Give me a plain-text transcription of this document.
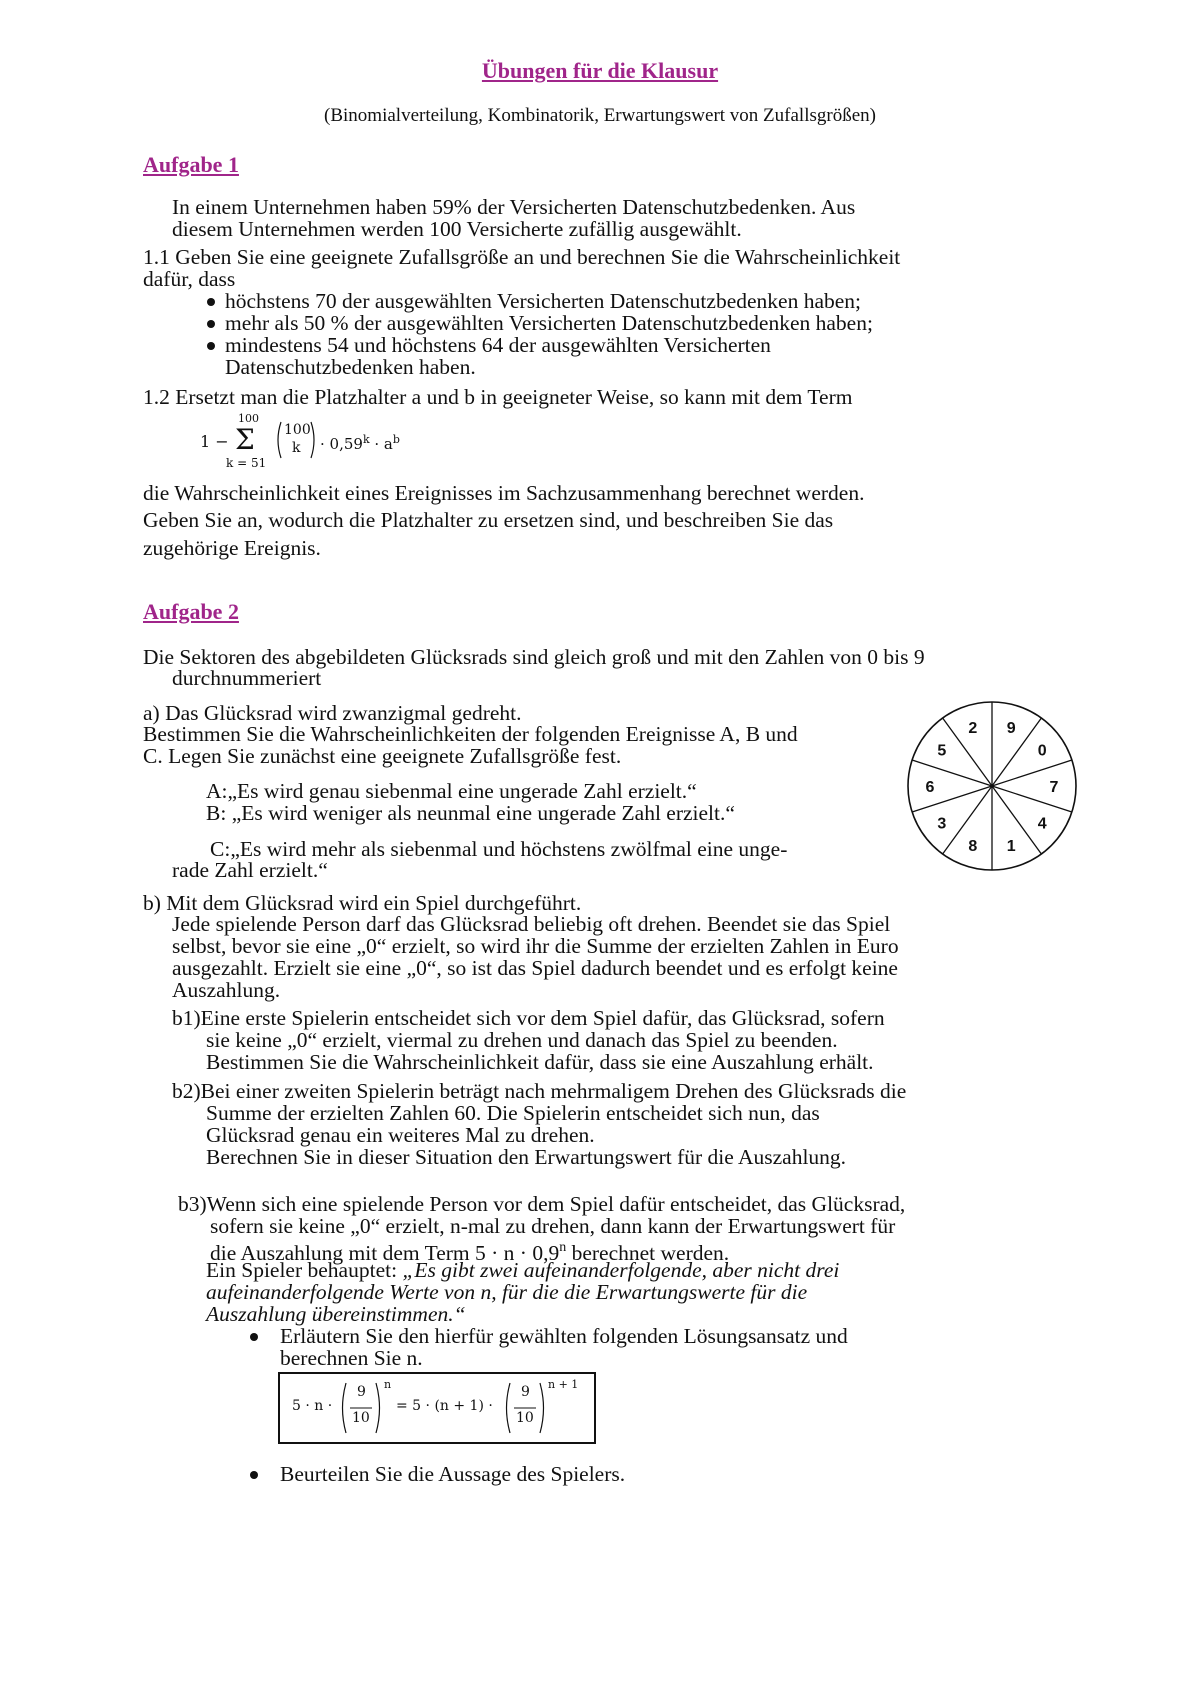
Übungen für die Klausur
(Binomialverteilung, Kombinatorik, Erwartungswert von Zufallsgrößen)
Aufgabe 1
In einem Unternehmen haben 59% der Versicherten Datenschutzbedenken. Aus
diesem Unternehmen werden 100 Versicherte zufällig ausgewählt.
1.1 Geben Sie eine geeignete Zufallsgröße an und berechnen Sie die Wahrscheinlichkeit
dafür, dass
höchstens 70 der ausgewählten Versicherten Datenschutzbedenken haben;
mehr als 50 % der ausgewählten Versicherten Datenschutzbedenken haben;
mindestens 54 und höchstens 64 der ausgewählten Versicherten
Datenschutzbedenken haben.
1.2 Ersetzt man die Platzhalter a und b in geeigneter Weise, so kann mit dem Term
1 −
100
Σ
k = 51
100
$k \cdot 0,59^k \cdot a^b$
die Wahrscheinlichkeit eines Ereignisses im Sachzusammenhang berechnet werden.
Geben Sie an, wodurch die Platzhalter zu ersetzen sind, und beschreiben Sie das
zugehörige Ereignis.
Aufgabe 2
Die Sektoren des abgebildeten Glücksrads sind gleich groß und mit den Zahlen von 0 bis 9
durchnummeriert
a) Das Glücksrad wird zwanzigmal gedreht.
Bestimmen Sie die Wahrscheinlichkeiten der folgenden Ereignisse A, B und
C. Legen Sie zunächst eine geeignete Zufallsgröße fest.
A:„Es wird genau siebenmal eine ungerade Zahl erzielt.“
B: „Es wird weniger als neunmal eine ungerade Zahl erzielt.“
C:„Es wird mehr als siebenmal und höchstens zwölfmal eine unge-
rade Zahl erzielt.“
9
0
7
4
1
8
3
6
5
2
b) Mit dem Glücksrad wird ein Spiel durchgeführt.
Jede spielende Person darf das Glücksrad beliebig oft drehen. Beendet sie das Spiel
selbst, bevor sie eine „0“ erzielt, so wird ihr die Summe der erzielten Zahlen in Euro
ausgezahlt. Erzielt sie eine „0“, so ist das Spiel dadurch beendet und es erfolgt keine
Auszahlung.
b1)Eine erste Spielerin entscheidet sich vor dem Spiel dafür, das Glücksrad, sofern
sie keine „0“ erzielt, viermal zu drehen und danach das Spiel zu beenden.
Bestimmen Sie die Wahrscheinlichkeit dafür, dass sie eine Auszahlung erhält.
b2)Bei einer zweiten Spielerin beträgt nach mehrmaligem Drehen des Glücksrads die
Summe der erzielten Zahlen 60. Die Spielerin entscheidet sich nun, das
Glücksrad genau ein weiteres Mal zu drehen.
Berechnen Sie in dieser Situation den Erwartungswert für die Auszahlung.
b3)Wenn sich eine spielende Person vor dem Spiel dafür entscheidet, das Glücksrad,
sofern sie keine „0“ erzielt, n-mal zu drehen, dann kann der Erwartungswert für
die Auszahlung mit dem Term $5 \cdot n \cdot 0,9^n$ berechnet werden.
Ein Spieler behauptet: „Es gibt zwei aufeinanderfolgende, aber nicht drei
aufeinanderfolgende Werte von n, für die die Erwartungswerte für die
Auszahlung übereinstimmen.“
Erläutern Sie den hierfür gewählten folgenden Lösungsansatz und
berechnen Sie n.
5 · n ·
9
10
n
= 5 · (n + 1) ·
9
10
n + 1
Beurteilen Sie die Aussage des Spielers.
